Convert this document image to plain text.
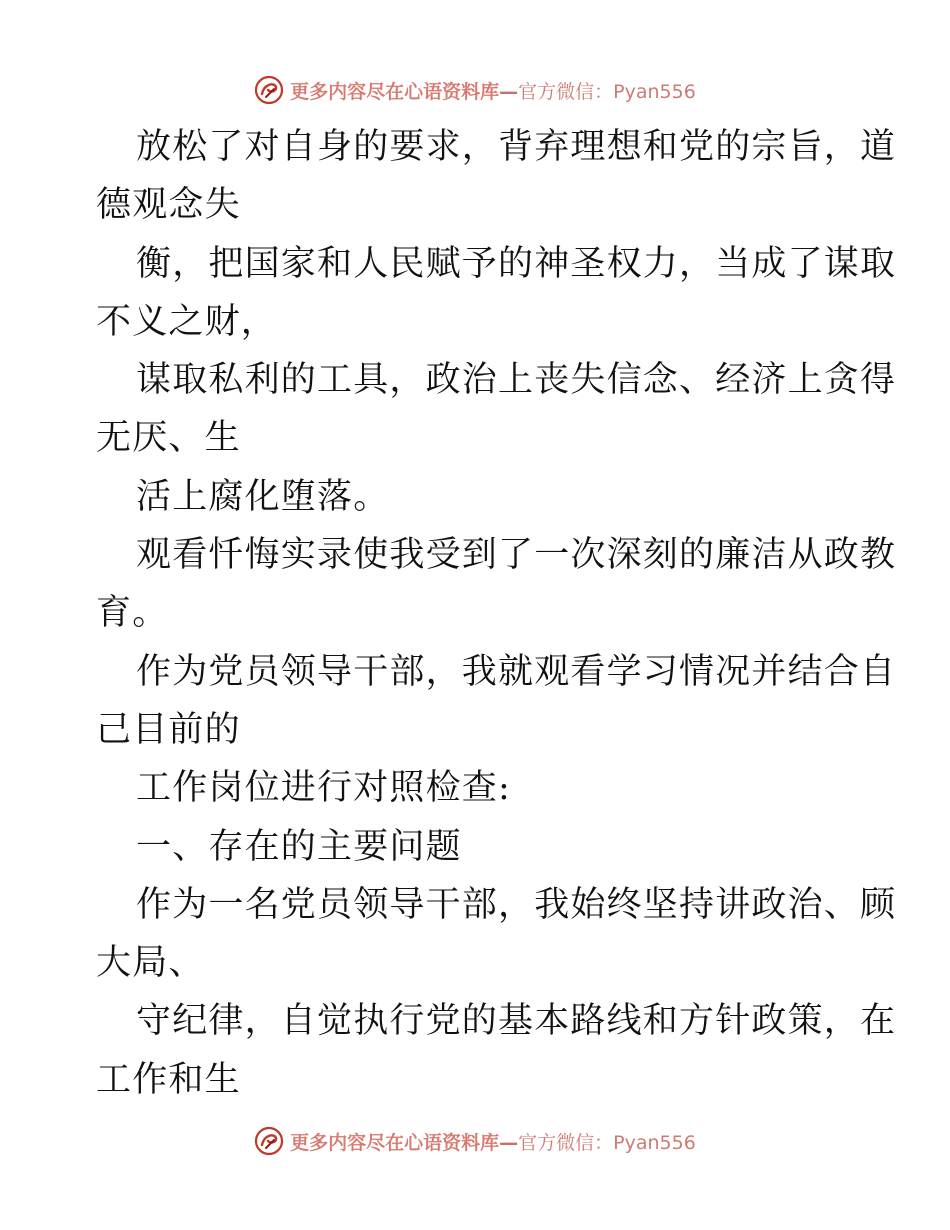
更多内容尽在心语资料库—官方微信：Pyan556
放松了对自身的要求，背弃理想和党的宗旨，道
德观念失
衡，把国家和人民赋予的神圣权力，当成了谋取
不义之财，
谋取私利的工具，政治上丧失信念、经济上贪得
无厌、生
活上腐化堕落。
观看忏悔实录使我受到了一次深刻的廉洁从政教
育。
作为党员领导干部，我就观看学习情况并结合自
己目前的
工作岗位进行对照检查:
一、存在的主要问题
作为一名党员领导干部，我始终坚持讲政治、顾
大局、
守纪律，自觉执行党的基本路线和方针政策，在
工作和生
更多内容尽在心语资料库—官方微信：Pyan556
